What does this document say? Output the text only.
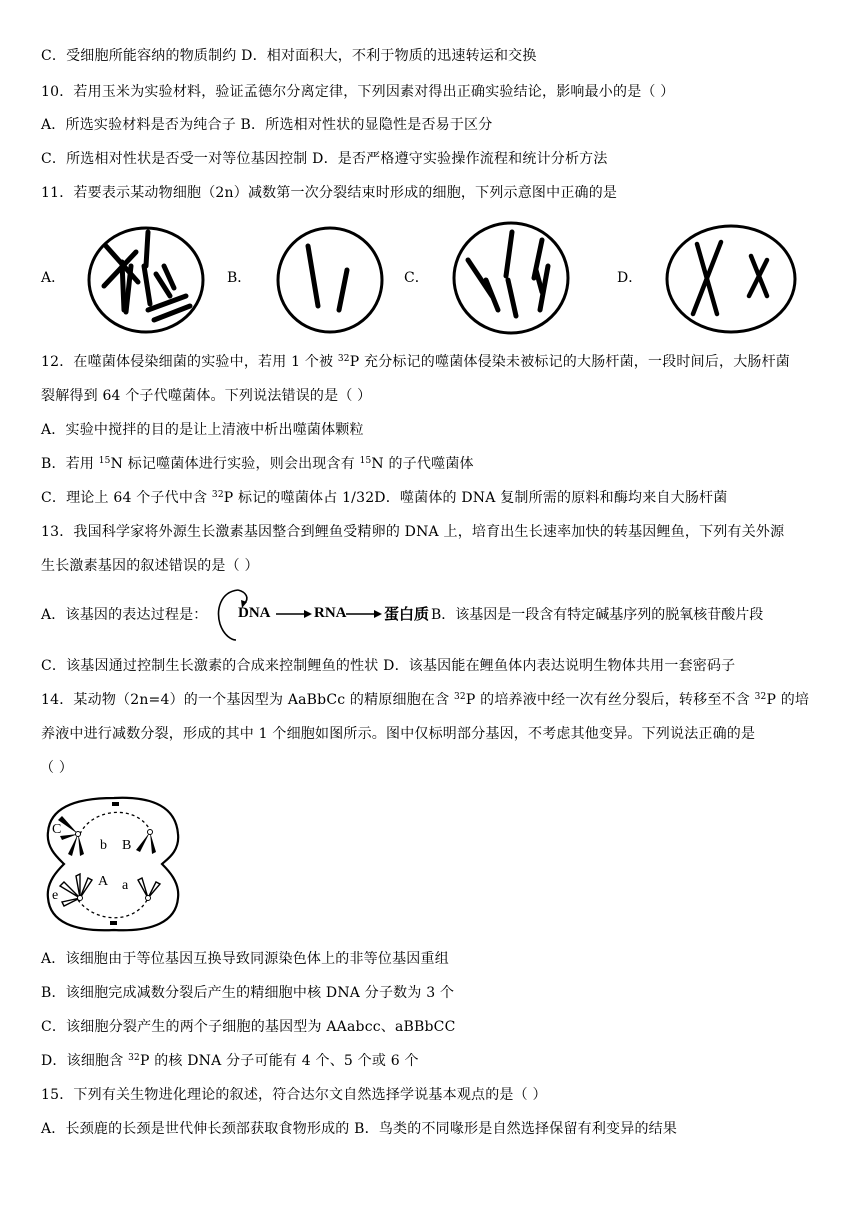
C．受细胞所能容纳的物质制约 D．相对面积大，不利于物质的迅速转运和交换
10．若用玉米为实验材料，验证孟德尔分离定律，下列因素对得出正确实验结论，影响最小的是（ ）
A．所选实验材料是否为纯合子 B．所选相对性状的显隐性是否易于区分
C．所选相对性状是否受一对等位基因控制 D．是否严格遵守实验操作流程和统计分析方法
11．若要表示某动物细胞（2n）减数第一次分裂结束时形成的细胞，下列示意图中正确的是
A．	B．	C．	D．
12．在噬菌体侵染细菌的实验中，若用 1 个被 $^{32}$P 充分标记的噬菌体侵染未被标记的大肠杆菌，一段时间后，大肠杆菌
裂解得到 64 个子代噬菌体。下列说法错误的是（ ）
A．实验中搅拌的目的是让上清液中析出噬菌体颗粒
B．若用 $^{15}$N 标记噬菌体进行实验，则会出现含有 $^{15}$N 的子代噬菌体
C．理论上 64 个子代中含 $^{32}$P 标记的噬菌体占 1/32D．噬菌体的 DNA 复制所需的原料和酶均来自大肠杆菌
13．我国科学家将外源生长激素基因整合到鲤鱼受精卵的 DNA 上，培育出生长速率加快的转基因鲤鱼，下列有关外源
生长激素基因的叙述错误的是（ ）
A．该基因的表达过程是： DNA	RNA	蛋白质 B．该基因是一段含有特定碱基序列的脱氧核苷酸片段
C．该基因通过控制生长激素的合成来控制鲤鱼的性状 D．该基因能在鲤鱼体内表达说明生物体共用一套密码子
14．某动物（2n=4）的一个基因型为 AaBbCc 的精原细胞在含 $^{32}$P 的培养液中经一次有丝分裂后，转移至不含 $^{32}$P 的培
养液中进行减数分裂，形成的其中 1 个细胞如图所示。图中仅标明部分基因，不考虑其他变异。下列说法正确的是
（ ）
C
b B
e
A a
A．该细胞由于等位基因互换导致同源染色体上的非等位基因重组
B．该细胞完成减数分裂后产生的精细胞中核 DNA 分子数为 3 个
C．该细胞分裂产生的两个子细胞的基因型为 AAabcc、aBBbCC
D．该细胞含 $^{32}$P 的核 DNA 分子可能有 4 个、5 个或 6 个
15．下列有关生物进化理论的叙述，符合达尔文自然选择学说基本观点的是（ ）
A．长颈鹿的长颈是世代伸长颈部获取食物形成的 B．鸟类的不同喙形是自然选择保留有利变异的结果
